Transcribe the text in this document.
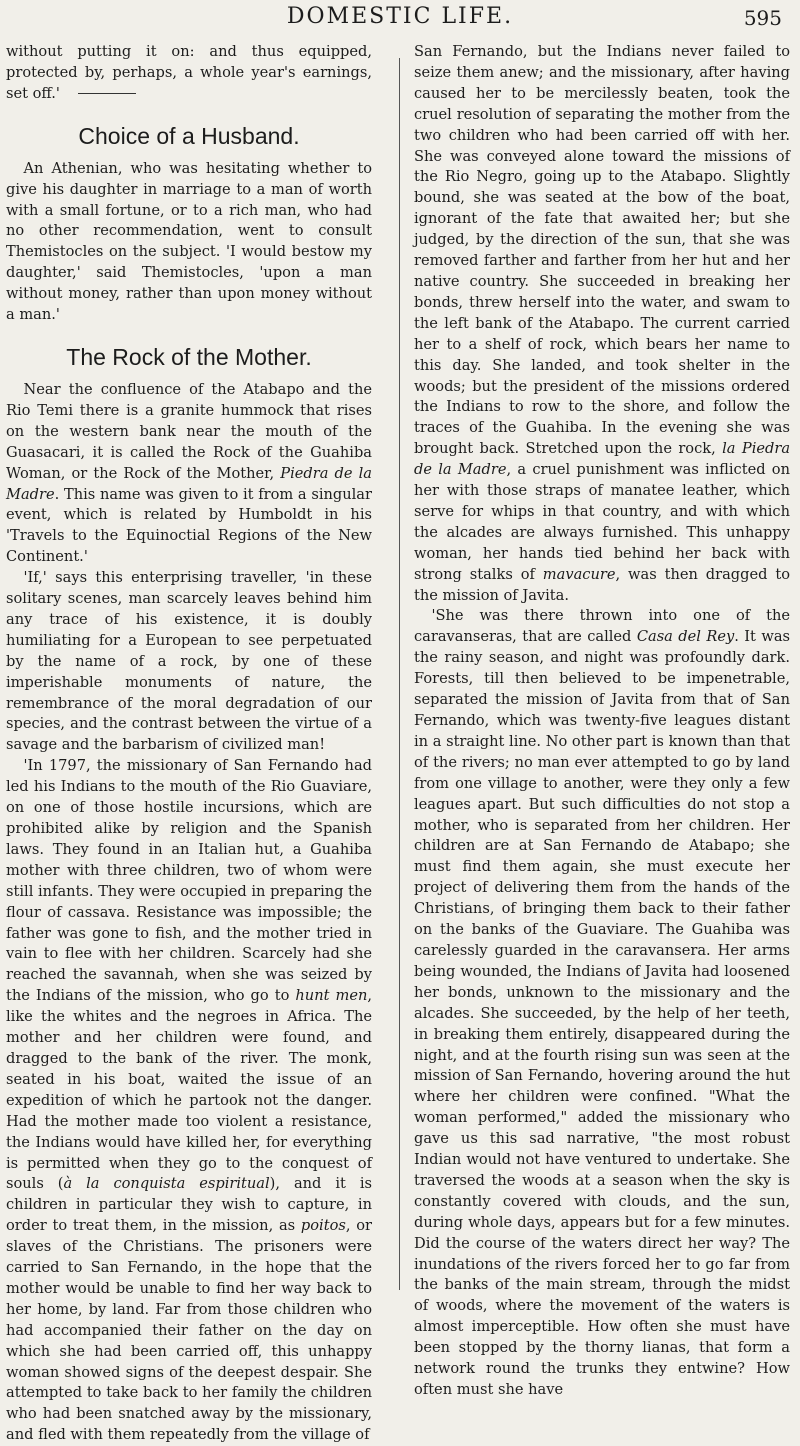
DOMESTIC LIFE.	595

without putting it on: and thus equipped, protected by, perhaps, a whole year's earnings, set off.'

Choice of a Husband.

An Athenian, who was hesitating whether to give his daughter in marriage to a man of worth with a small fortune, or to a rich man, who had no other recommendation, went to consult Themistocles on the subject. 'I would bestow my daughter,' said Themistocles, 'upon a man without money, rather than upon money without a man.'

The Rock of the Mother.

Near the confluence of the Atabapo and the Rio Temi there is a granite hummock that rises on the western bank near the mouth of the Guasacari, it is called the Rock of the Guahiba Woman, or the Rock of the Mother, Piedra de la Madre. This name was given to it from a singular event, which is related by Humboldt in his 'Travels to the Equinoctial Regions of the New Continent.'

'If,' says this enterprising traveller, 'in these solitary scenes, man scarcely leaves behind him any trace of his existence, it is doubly humiliating for a European to see perpetuated by the name of a rock, by one of these imperishable monuments of nature, the remembrance of the moral degradation of our species, and the contrast between the virtue of a savage and the barbarism of civilized man!

'In 1797, the missionary of San Fernando had led his Indians to the mouth of the Rio Guaviare, on one of those hostile incursions, which are prohibited alike by religion and the Spanish laws. They found in an Italian hut, a Guahiba mother with three children, two of whom were still infants. They were occupied in preparing the flour of cassava. Resistance was impossible; the father was gone to fish, and the mother tried in vain to flee with her children. Scarcely had she reached the savannah, when she was seized by the Indians of the mission, who go to hunt men, like the whites and the negroes in Africa. The mother and her children were found, and dragged to the bank of the river. The monk, seated in his boat, waited the issue of an expedition of which he partook not the danger. Had the mother made too violent a resistance, the Indians would have killed her, for everything is permitted when they go to the conquest of souls (à la conquista espiritual), and it is children in particular they wish to capture, in order to treat them, in the mission, as poitos, or slaves of the Christians. The prisoners were carried to San Fernando, in the hope that the mother would be unable to find her way back to her home, by land. Far from those children who had accompanied their father on the day on which she had been carried off, this unhappy woman showed signs of the deepest despair. She attempted to take back to her family the children who had been snatched away by the missionary, and fled with them repeatedly from the village of

San Fernando, but the Indians never failed to seize them anew; and the missionary, after having caused her to be mercilessly beaten, took the cruel resolution of separating the mother from the two children who had been carried off with her. She was conveyed alone toward the missions of the Rio Negro, going up to the Atabapo. Slightly bound, she was seated at the bow of the boat, ignorant of the fate that awaited her; but she judged, by the direction of the sun, that she was removed farther and farther from her hut and her native country. She succeeded in breaking her bonds, threw herself into the water, and swam to the left bank of the Atabapo. The current carried her to a shelf of rock, which bears her name to this day. She landed, and took shelter in the woods; but the president of the missions ordered the Indians to row to the shore, and follow the traces of the Guahiba. In the evening she was brought back. Stretched upon the rock, la Piedra de la Madre, a cruel punishment was inflicted on her with those straps of manatee leather, which serve for whips in that country, and with which the alcades are always furnished. This unhappy woman, her hands tied behind her back with strong stalks of mavacure, was then dragged to the mission of Javita.

'She was there thrown into one of the caravanseras, that are called Casa del Rey. It was the rainy season, and night was profoundly dark. Forests, till then believed to be impenetrable, separated the mission of Javita from that of San Fernando, which was twenty-five leagues distant in a straight line. No other part is known than that of the rivers; no man ever attempted to go by land from one village to another, were they only a few leagues apart. But such difficulties do not stop a mother, who is separated from her children. Her children are at San Fernando de Atabapo; she must find them again, she must execute her project of delivering them from the hands of the Christians, of bringing them back to their father on the banks of the Guaviare. The Guahiba was carelessly guarded in the caravansera. Her arms being wounded, the Indians of Javita had loosened her bonds, unknown to the missionary and the alcades. She succeeded, by the help of her teeth, in breaking them entirely, disappeared during the night, and at the fourth rising sun was seen at the mission of San Fernando, hovering around the hut where her children were confined. "What the woman performed," added the missionary who gave us this sad narrative, "the most robust Indian would not have ventured to undertake. She traversed the woods at a season when the sky is constantly covered with clouds, and the sun, during whole days, appears but for a few minutes. Did the course of the waters direct her way? The inundations of the rivers forced her to go far from the banks of the main stream, through the midst of woods, where the movement of the waters is almost imperceptible. How often she must have been stopped by the thorny lianas, that form a network round the trunks they entwine? How often must she have
